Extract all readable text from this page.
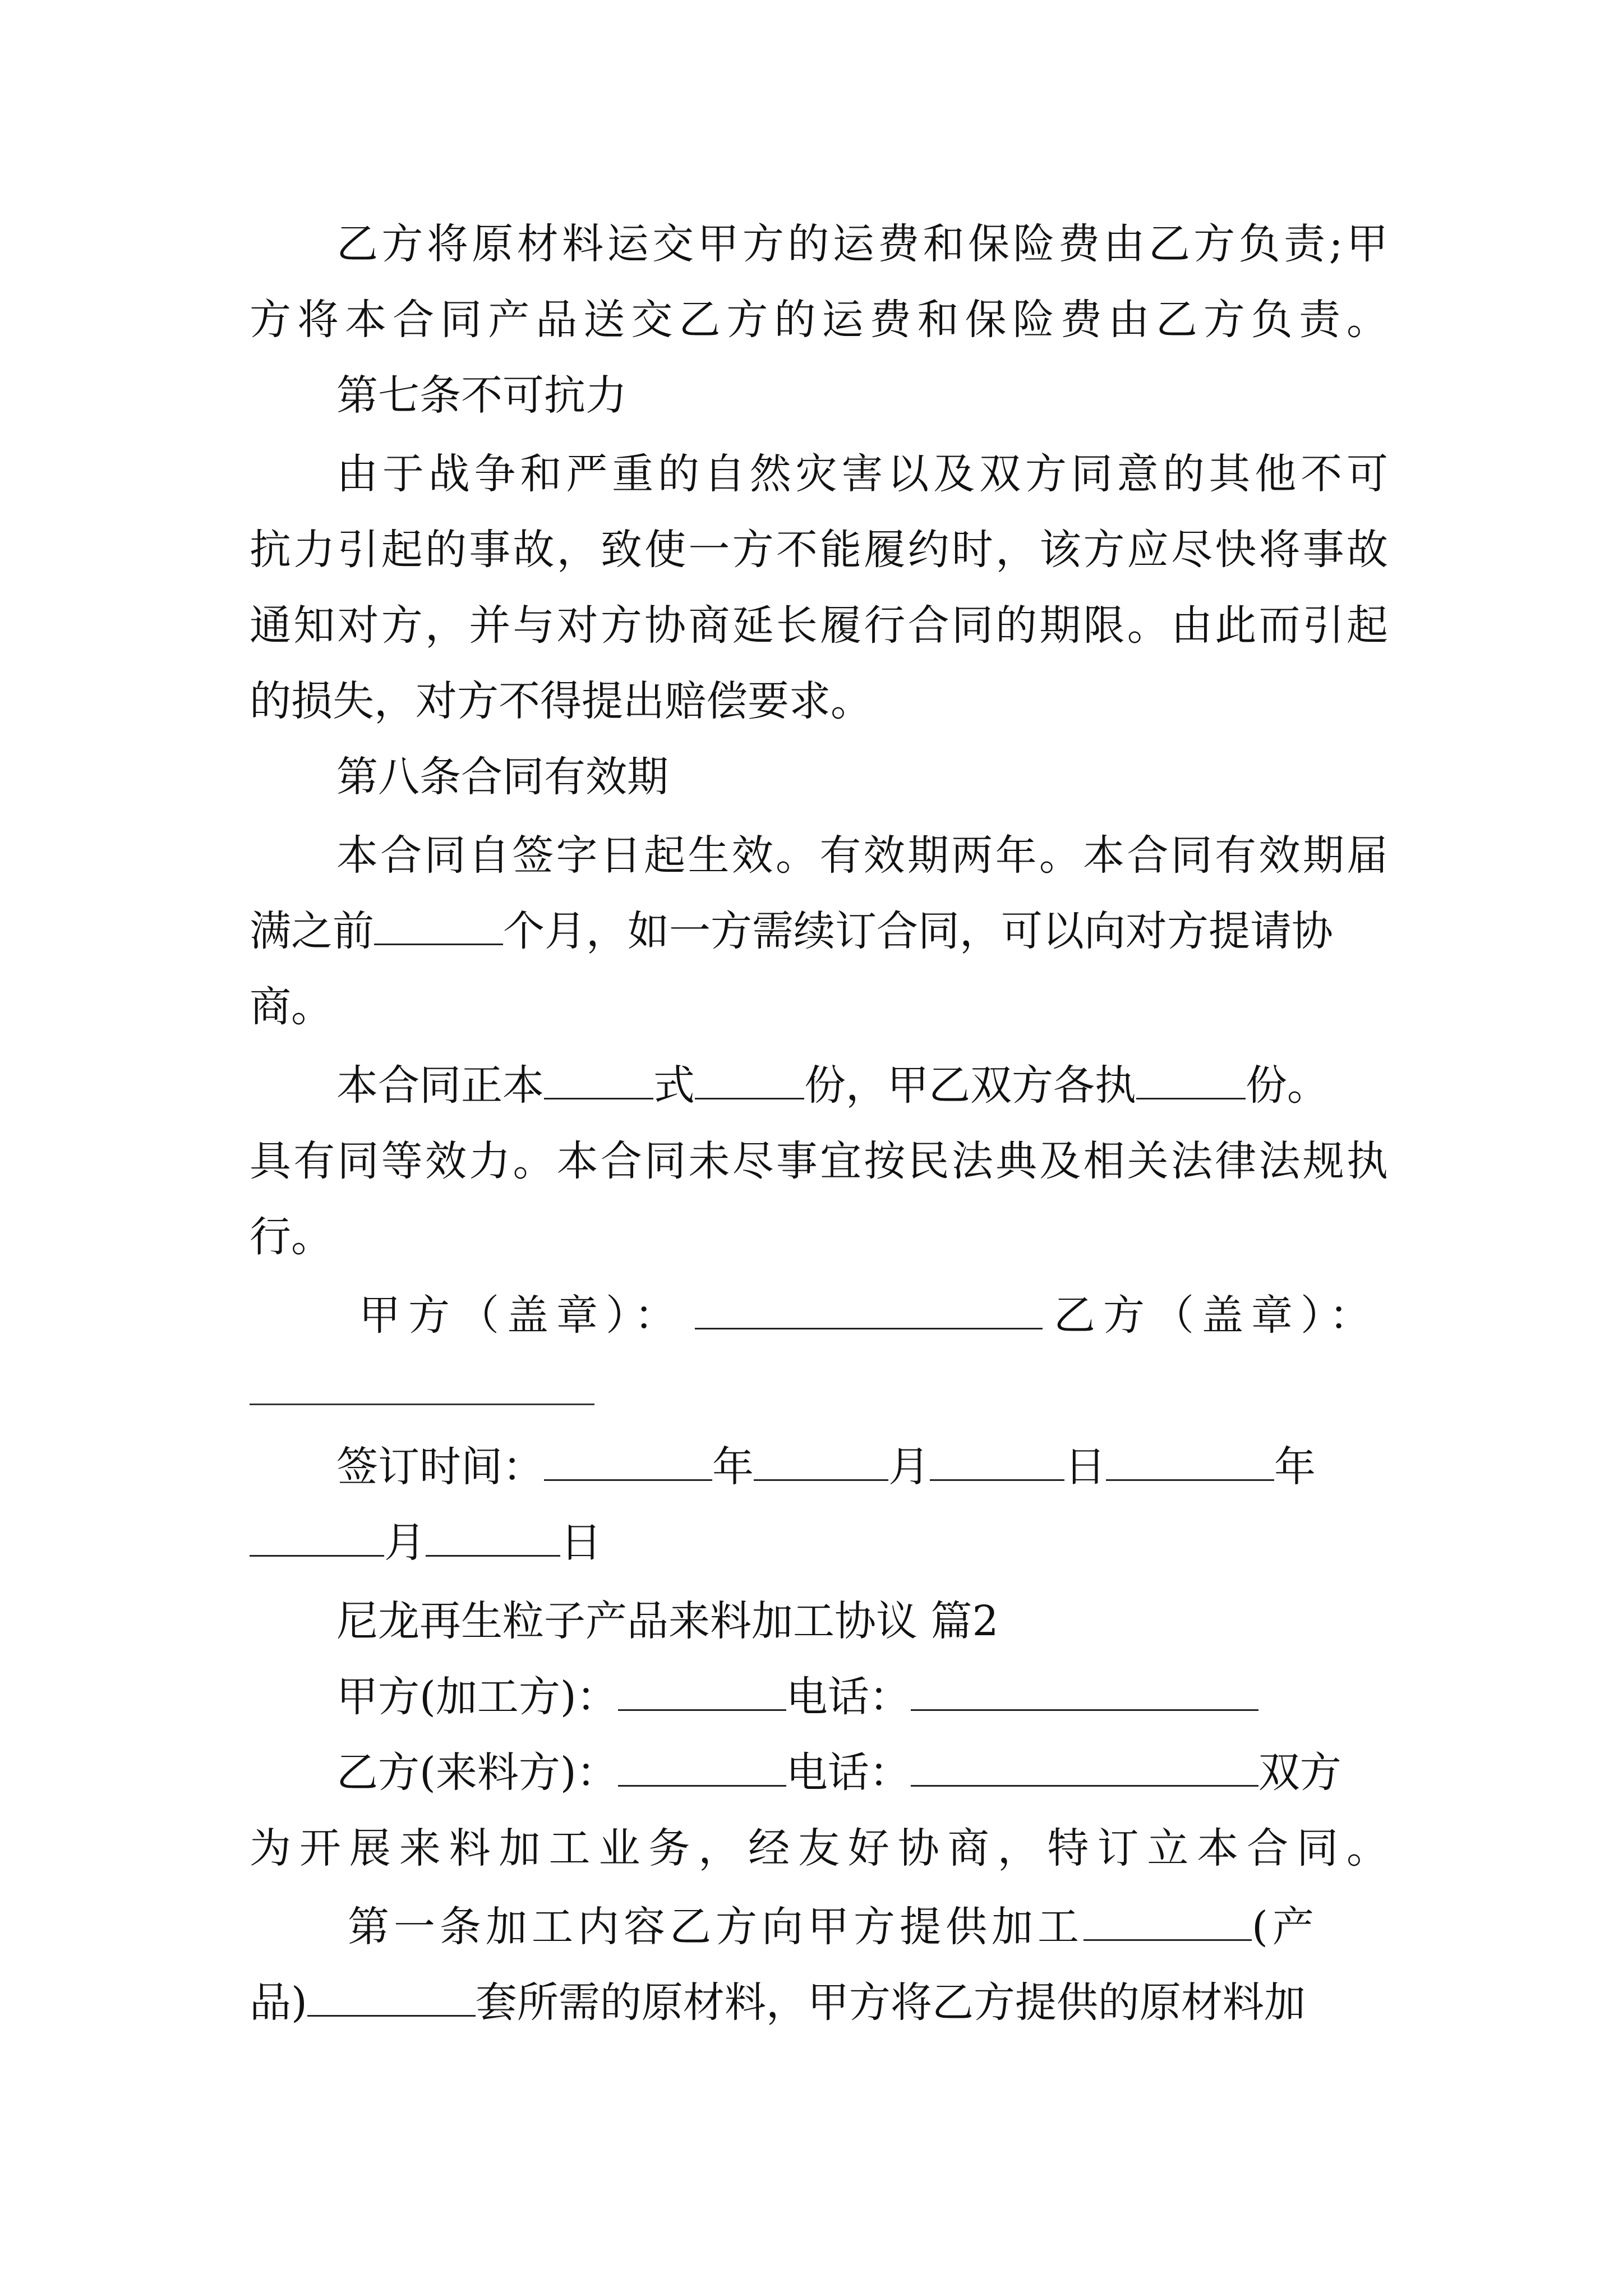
乙方将原材料运交甲方的运费和保险费由乙方负责;甲
方将本合同产品送交乙方的运费和保险费由乙方负责。
第七条不可抗力
由于战争和严重的自然灾害以及双方同意的其他不可
抗力引起的事故，致使一方不能履约时，该方应尽快将事故
通知对方，并与对方协商延长履行合同的期限。由此而引起
的损失，对方不得提出赔偿要求。
第八条合同有效期
本合同自签字日起生效。有效期两年。本合同有效期届
满之前	个月，如一方需续订合同，可以向对方提请协
商。
本合同正本	式	份，甲乙双方各执	份。
具有同等效力。本合同未尽事宜按民法典及相关法律法规执
行。
甲方（盖章）：	乙方（盖章）：
签订时间：	年	月	日	年
月	日
尼龙再生粒子产品来料加工协议 篇2
甲方(加工方)：	电话：
乙方(来料方)：	电话：	双方
为开展来料加工业务，经友好协商，特订立本合同。
第一条加工内容乙方向甲方提供加工	(产
品)	套所需的原材料，甲方将乙方提供的原材料加
